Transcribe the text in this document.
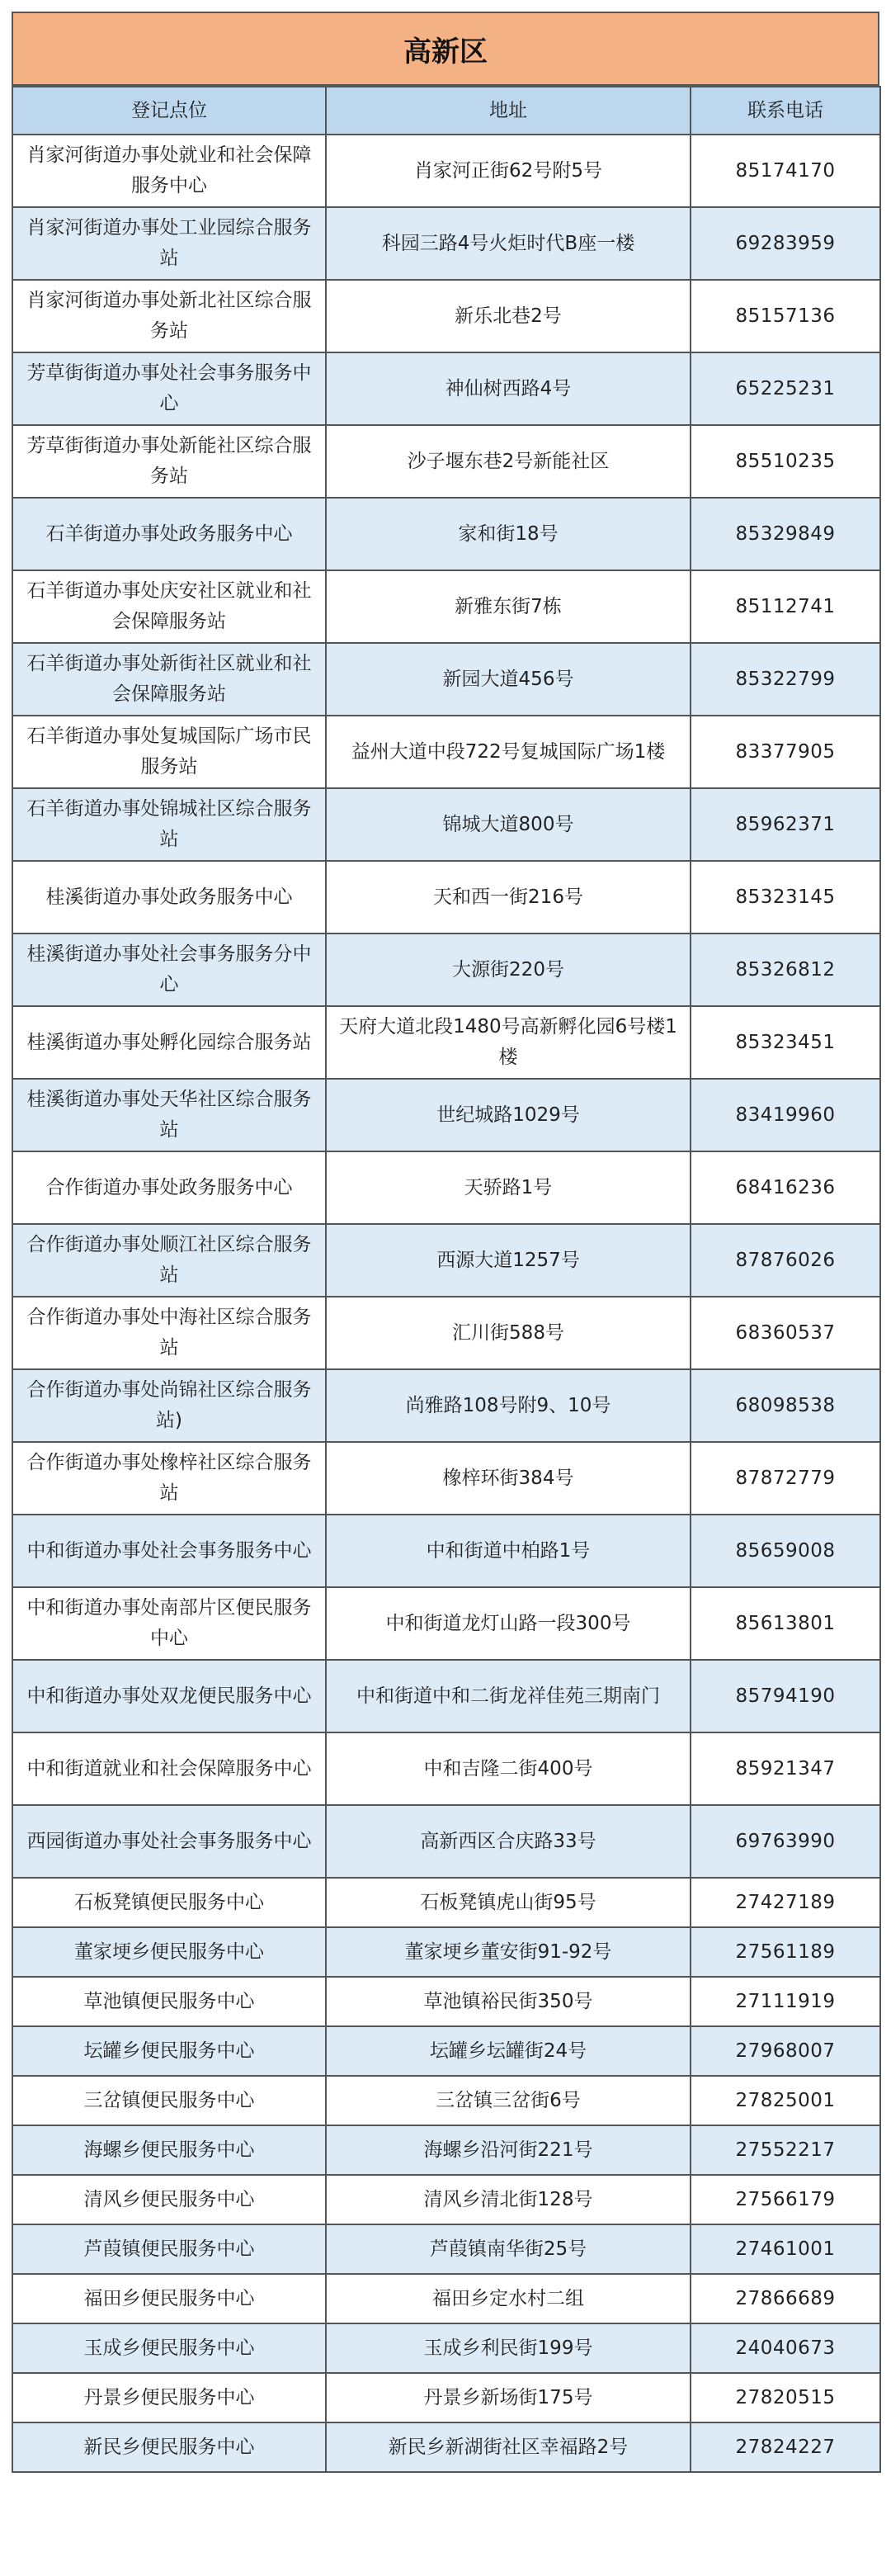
高新区
登记点位	地址	联系电话
肖家河街道办事处就业和社会保障服务中心	肖家河正街62号附5号	85174170
肖家河街道办事处工业园综合服务站	科园三路4号火炬时代B座一楼	69283959
肖家河街道办事处新北社区综合服务站	新乐北巷2号	85157136
芳草街街道办事处社会事务服务中心	神仙树西路4号	65225231
芳草街街道办事处新能社区综合服务站	沙子堰东巷2号新能社区	85510235
石羊街道办事处政务服务中心	家和街18号	85329849
石羊街道办事处庆安社区就业和社会保障服务站	新雅东街7栋	85112741
石羊街道办事处新街社区就业和社会保障服务站	新园大道456号	85322799
石羊街道办事处复城国际广场市民服务站	益州大道中段722号复城国际广场1楼	83377905
石羊街道办事处锦城社区综合服务站	锦城大道800号	85962371
桂溪街道办事处政务服务中心	天和西一街216号	85323145
桂溪街道办事处社会事务服务分中心	大源街220号	85326812
桂溪街道办事处孵化园综合服务站	天府大道北段1480号高新孵化园6号楼1楼	85323451
桂溪街道办事处天华社区综合服务站	世纪城路1029号	83419960
合作街道办事处政务服务中心	天骄路1号	68416236
合作街道办事处顺江社区综合服务站	西源大道1257号	87876026
合作街道办事处中海社区综合服务站	汇川街588号	68360537
合作街道办事处尚锦社区综合服务站)	尚雅路108号附9、10号	68098538
合作街道办事处橡梓社区综合服务站	橡梓环街384号	87872779
中和街道办事处社会事务服务中心	中和街道中柏路1号	85659008
中和街道办事处南部片区便民服务中心	中和街道龙灯山路一段300号	85613801
中和街道办事处双龙便民服务中心	中和街道中和二街龙祥佳苑三期南门	85794190
中和街道就业和社会保障服务中心	中和吉隆二街400号	85921347
西园街道办事处社会事务服务中心	高新西区合庆路33号	69763990
石板凳镇便民服务中心	石板凳镇虎山街95号	27427189
董家埂乡便民服务中心	董家埂乡董安街91-92号	27561189
草池镇便民服务中心	草池镇裕民街350号	27111919
坛罐乡便民服务中心	坛罐乡坛罐街24号	27968007
三岔镇便民服务中心	三岔镇三岔街6号	27825001
海螺乡便民服务中心	海螺乡沿河街221号	27552217
清风乡便民服务中心	清风乡清北街128号	27566179
芦葭镇便民服务中心	芦葭镇南华街25号	27461001
福田乡便民服务中心	福田乡定水村二组	27866689
玉成乡便民服务中心	玉成乡利民街199号	24040673
丹景乡便民服务中心	丹景乡新场街175号	27820515
新民乡便民服务中心	新民乡新湖街社区幸福路2号	27824227
